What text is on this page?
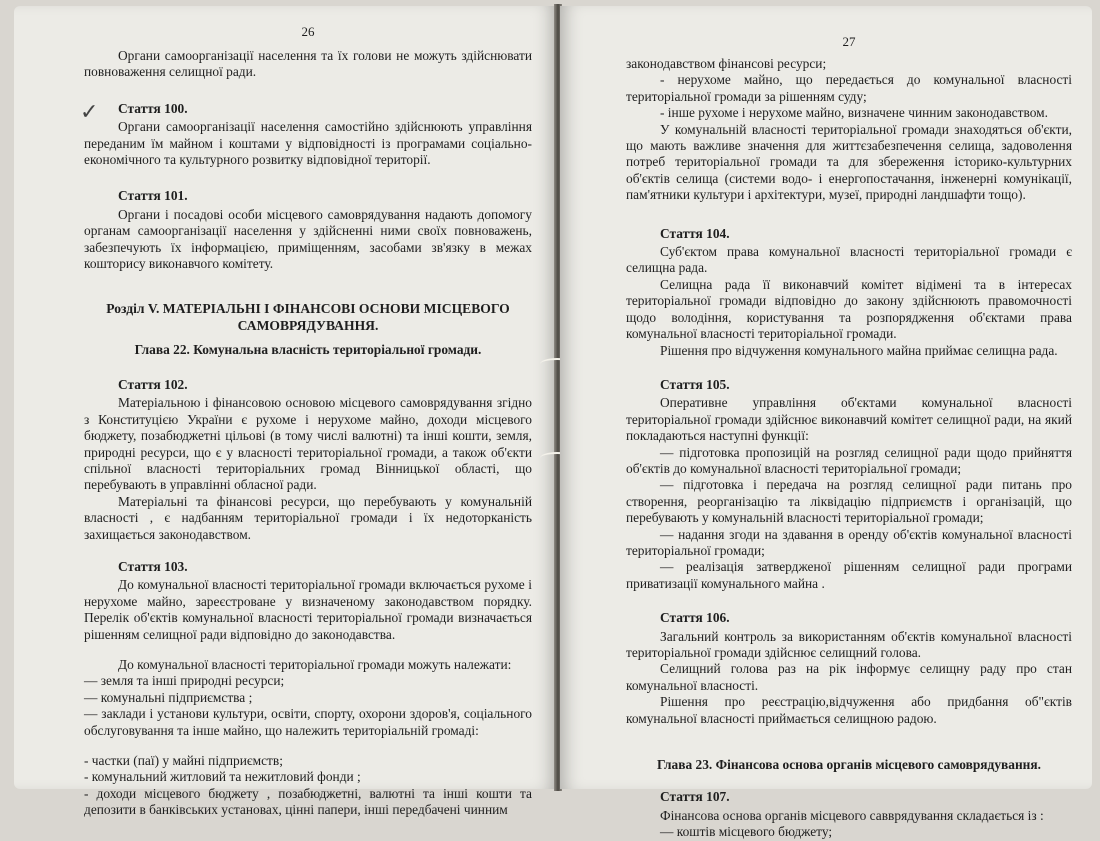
26

Органи самоорганізації населення та їх голови не можуть здійснювати повноваження селищної ради.

Стаття 100.

Органи самоорганізації населення самостійно здійснюють управління переданим їм майном і коштами у відповідності із програмами соціально-економічного та культурного розвитку відповідної території.

Стаття 101.

Органи і посадові особи місцевого самоврядування надають допомогу органам самоорганізації населення у здійсненні ними своїх повноважень, забезпечують їх інформацією, приміщенням, засобами зв'язку в межах кошторису виконавчого комітету.

Розділ V. МАТЕРІАЛЬНІ І ФІНАНСОВІ ОСНОВИ МІСЦЕВОГО САМОВРЯДУВАННЯ.

Глава 22. Комунальна власність територіальної громади.

Стаття 102.

Матеріальною і фінансовою основою місцевого самоврядування згідно з Конституцією України є рухоме і нерухоме майно, доходи місцевого бюджету, позабюджетні цільові (в тому числі валютні) та інші кошти, земля, природні ресурси, що є у власності територіальної громади, а також об'єкти спільної власності територіальних громад Вінницької області, що перебувають в управлінні обласної ради.

Матеріальні та фінансові ресурси, що перебувають у комунальній власності , є надбанням територіальної громади і їх недоторканість захищається законодавством.

Стаття 103.

До комунальної власності територіальної громади включається рухоме і нерухоме майно, зареєстроване у визначеному законодавством порядку. Перелік об'єктів комунальної власності територіальної громади визначається рішенням селищної ради відповідно до законодавства.

До комунальної власності територіальної громади можуть належати:

— земля та інші природні ресурси;

— комунальні підприємства ;

— заклади і установи культури, освіти, спорту, охорони здоров'я, соціального обслуговування та інше майно, що належить територіальній громаді:

- частки (паї) у майні підприємств;

- комунальний житловий та нежитловий фонди ;

- доходи місцевого бюджету , позабюджетні, валютні та інші кошти та депозити в банківських установах, цінні папери, інші передбачені чинним

✓
27

законодавством фінансові ресурси;

- нерухоме майно, що передається до комунальної власності територіальної громади за рішенням суду;

- інше рухоме і нерухоме майно, визначене чинним законодавством.

У комунальній власності територіальної громади знаходяться об'єкти, що мають важливе значення для життєзабезпечення селища, задоволення потреб територіальної громади та для збереження історико-культурних об'єктів селища (системи водо- і енергопостачання, інженерні комунікації, пам'ятники культури і архітектури, музеї, природні ландшафти тощо).

Стаття 104.

Суб'єктом права комунальної власності територіальної громади є селищна рада.

Селищна рада її виконавчий комітет відімені та в інтересах територіальної громади відповідно до закону здійснюють правомочності щодо володіння, користування та розпорядження об'єктами права комунальної власності територіальної громади.

Рішення про відчуження комунального майна приймає селищна рада.

Стаття 105.

Оперативне управління об'єктами комунальної власності територіальної громади здійснює виконавчий комітет селищної ради, на який покладаються наступні функції:

— підготовка пропозицій на розгляд селищної ради щодо прийняття об'єктів до комунальної власності територіальної громади;

— підготовка і передача на розгляд селищної ради питань про створення, реорганізацію та ліквідацію підприємств і організацій, що перебувають у комунальній власності територіальної громади;

— надання згоди на здавання в оренду об'єктів комунальної власності територіальної громади;

— реалізація затвердженої рішенням селищної ради програми приватизації комунального майна .

Стаття 106.

Загальний контроль за використанням об'єктів комунальної власності територіальної громади здійснює селищний голова.

Селищний голова раз на рік інформує селищну раду про стан комунальної власності.

Рішення про реєстрацію,відчуження або придбання об"єктів комунальної власності приймається селищною радою.

Глава 23. Фінансова основа органів місцевого самоврядування.

Стаття 107.

Фінансова основа органів місцевого савврядування складається із :

— коштів місцевого бюджету;
